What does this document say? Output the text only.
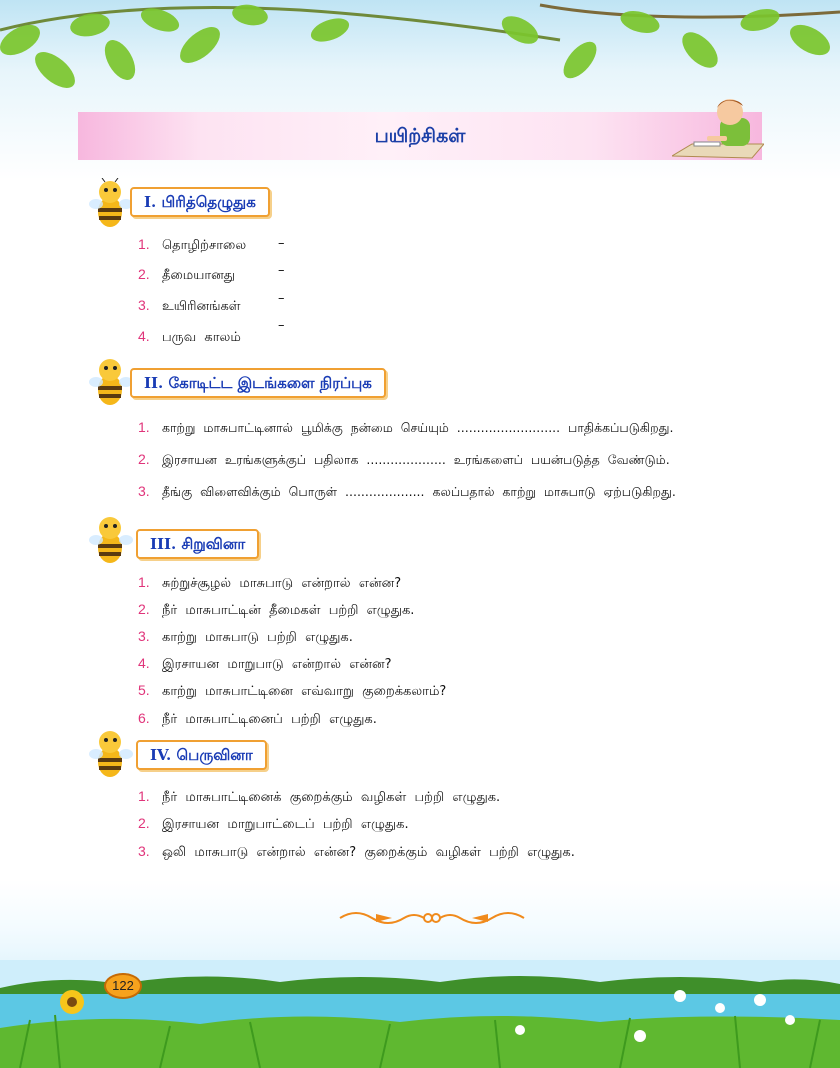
பயிற்சிகள்
I. பிரித்தெழுதுக
1. தொழிற்சாலை –
2. தீமையானது	–
3. உயிரினங்கள்
–
4. பருவ  காலம்
–
II. கோடிட்ட இடங்களை நிரப்புக
1. காற்று  மாசுபாட்டினால்  பூமிக்கு  நன்மை  செய்யும்  ..........................  பாதிக்கப்படுகிறது.
2. இரசாயன  உரங்களுக்குப்  பதிலாக  ....................  உரங்களைப்  பயன்படுத்த  வேண்டும்.
3. தீங்கு  விளைவிக்கும்  பொருள்  ....................  கலப்பதால்  காற்று  மாசுபாடு  ஏற்படுகிறது.
III. சிறுவினா
1. சுற்றுச்சூழல்  மாசுபாடு  என்றால்  என்ன?
2. நீர்  மாசுபாட்டின்  தீமைகள்  பற்றி  எழுதுக.
3. காற்று  மாசுபாடு  பற்றி  எழுதுக.
4. இரசாயன  மாறுபாடு  என்றால்  என்ன?
5. காற்று  மாசுபாட்டினை  எவ்வாறு  குறைக்கலாம்?
6. நீர்  மாசுபாட்டினைப்  பற்றி  எழுதுக.
IV. பெருவினா
1. நீர்  மாசுபாட்டினைக்  குறைக்கும்  வழிகள்  பற்றி  எழுதுக.
2. இரசாயன  மாறுபாட்டைப்  பற்றி  எழுதுக.
3. ஒலி  மாசுபாடு  என்றால்  என்ன?  குறைக்கும்  வழிகள்  பற்றி  எழுதுக.
122
